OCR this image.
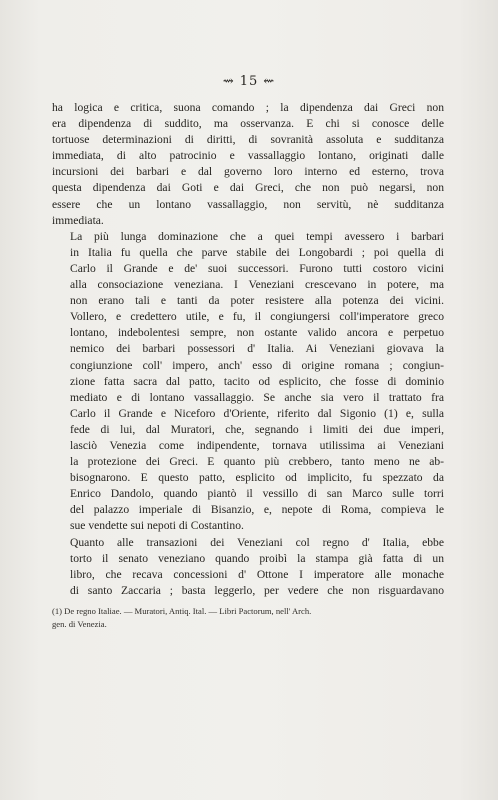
⇝ 15 ⇜

ha logica e critica, suona comando ; la dipendenza dai Greci non
era dipendenza di suddito, ma osservanza. E chi si conosce delle
tortuose determinazioni di diritti, di sovranità assoluta e sudditanza
immediata, di alto patrocinio e vassallaggio lontano, originati dalle
incursioni dei barbari e dal governo loro interno ed esterno, trova
questa dipendenza dai Goti e dai Greci, che non può negarsi, non
essere che un lontano vassallaggio, non servitù, nè sudditanza
immediata.

La più lunga dominazione che a quei tempi avessero i barbari
in Italia fu quella che parve stabile dei Longobardi ; poi quella di
Carlo il Grande e de' suoi successori. Furono tutti costoro vicini
alla consociazione veneziana. I Veneziani crescevano in potere, ma
non erano tali e tanti da poter resistere alla potenza dei vicini.
Vollero, e credettero utile, e fu, il congiungersi coll'imperatore greco
lontano, indebolentesi sempre, non ostante valido ancora e perpetuo
nemico dei barbari possessori d' Italia. Ai Veneziani giovava la
congiunzione coll' impero, anch' esso di origine romana ; congiun-
zione fatta sacra dal patto, tacito od esplicito, che fosse di dominio
mediato e di lontano vassallaggio. Se anche sia vero il trattato fra
Carlo il Grande e Niceforo d'Oriente, riferito dal Sigonio (1) e, sulla
fede di lui, dal Muratori, che, segnando i limiti dei due imperi,
lasciò Venezia come indipendente, tornava utilissima ai Veneziani
la protezione dei Greci. E quanto più crebbero, tanto meno ne ab-
bisognarono. E questo patto, esplicito od implicito, fu spezzato da
Enrico Dandolo, quando piantò il vessillo di san Marco sulle torri
del palazzo imperiale di Bisanzio, e, nepote di Roma, compieva le
sue vendette sui nepoti di Costantino.

Quanto alle transazioni dei Veneziani col regno d' Italia, ebbe
torto il senato veneziano quando proibì la stampa già fatta di un
libro, che recava concessioni d' Ottone I imperatore alle monache
di santo Zaccaria ; basta leggerlo, per vedere che non risguardavano

(1) De regno Italiae. — Muratori, Antiq. Ital. — Libri Pactorum, nell' Arch.
gen. di Venezia.
